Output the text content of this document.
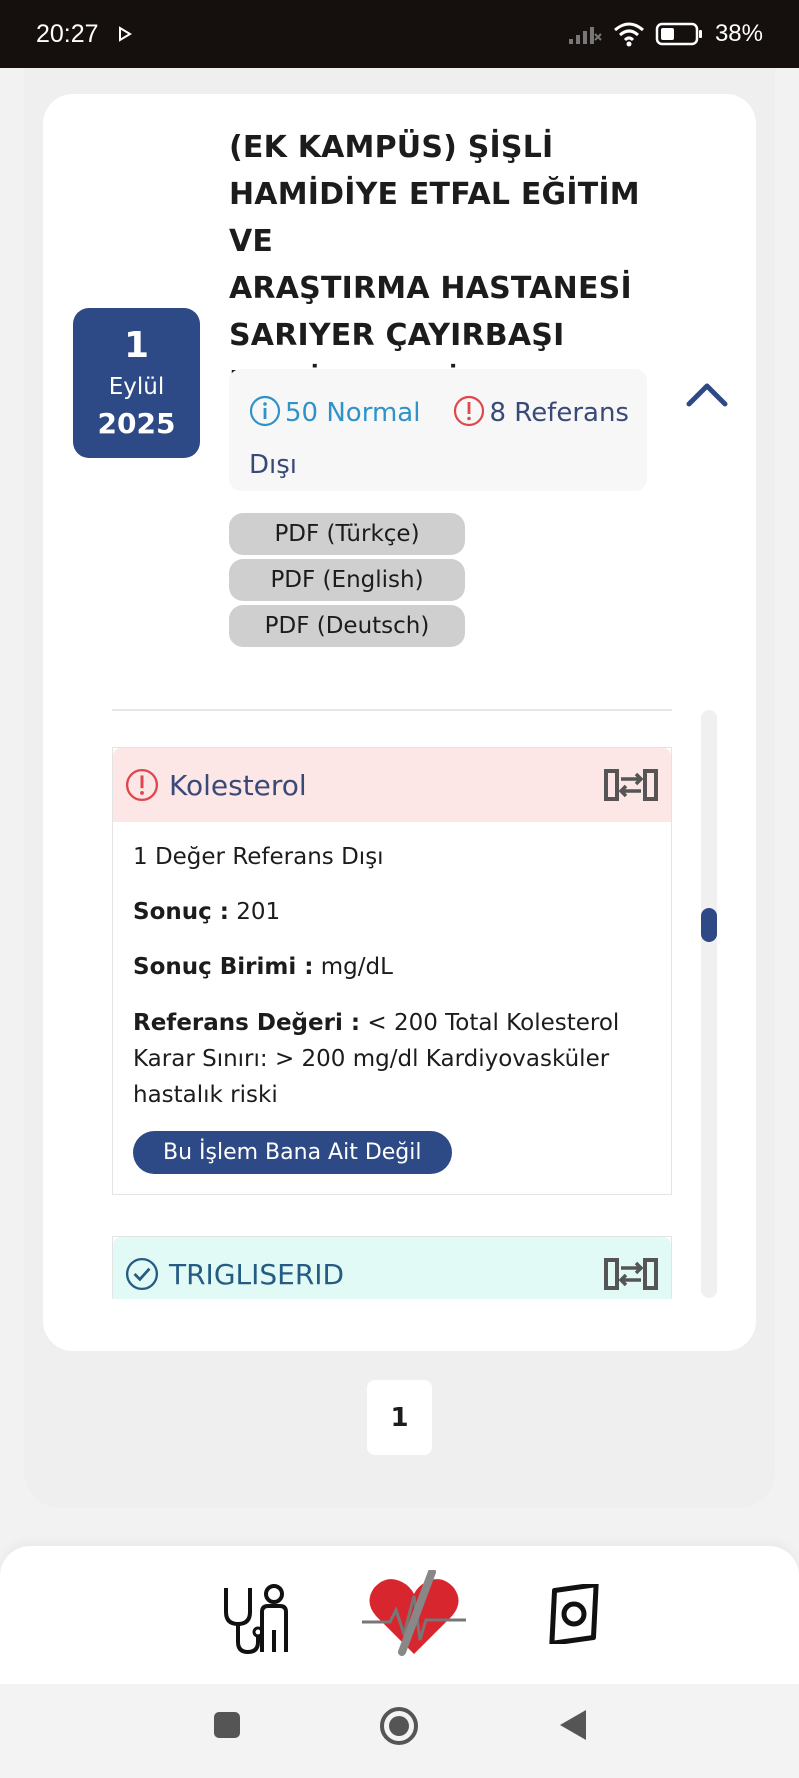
20:27	38%
1
Eylül
2025
(EK KAMPÜS) ŞİŞLİ
HAMİDİYE ETFAL EĞİTİM VE
ARAŞTIRMA HASTANESİ
SARIYER ÇAYIRBAŞI
50 Normal	8 Referans Dışı
PDF (Türkçe)
PDF (English)
PDF (Deutsch)
Kolesterol
1 Değer Referans Dışı
Sonuç : 201
Sonuç Birimi : mg/dL
Referans Değeri : < 200 Total Kolesterol Karar Sınırı: > 200 mg/dl Kardiyovasküler hastalık riski
Bu İşlem Bana Ait Değil
TRIGLISERID
1
